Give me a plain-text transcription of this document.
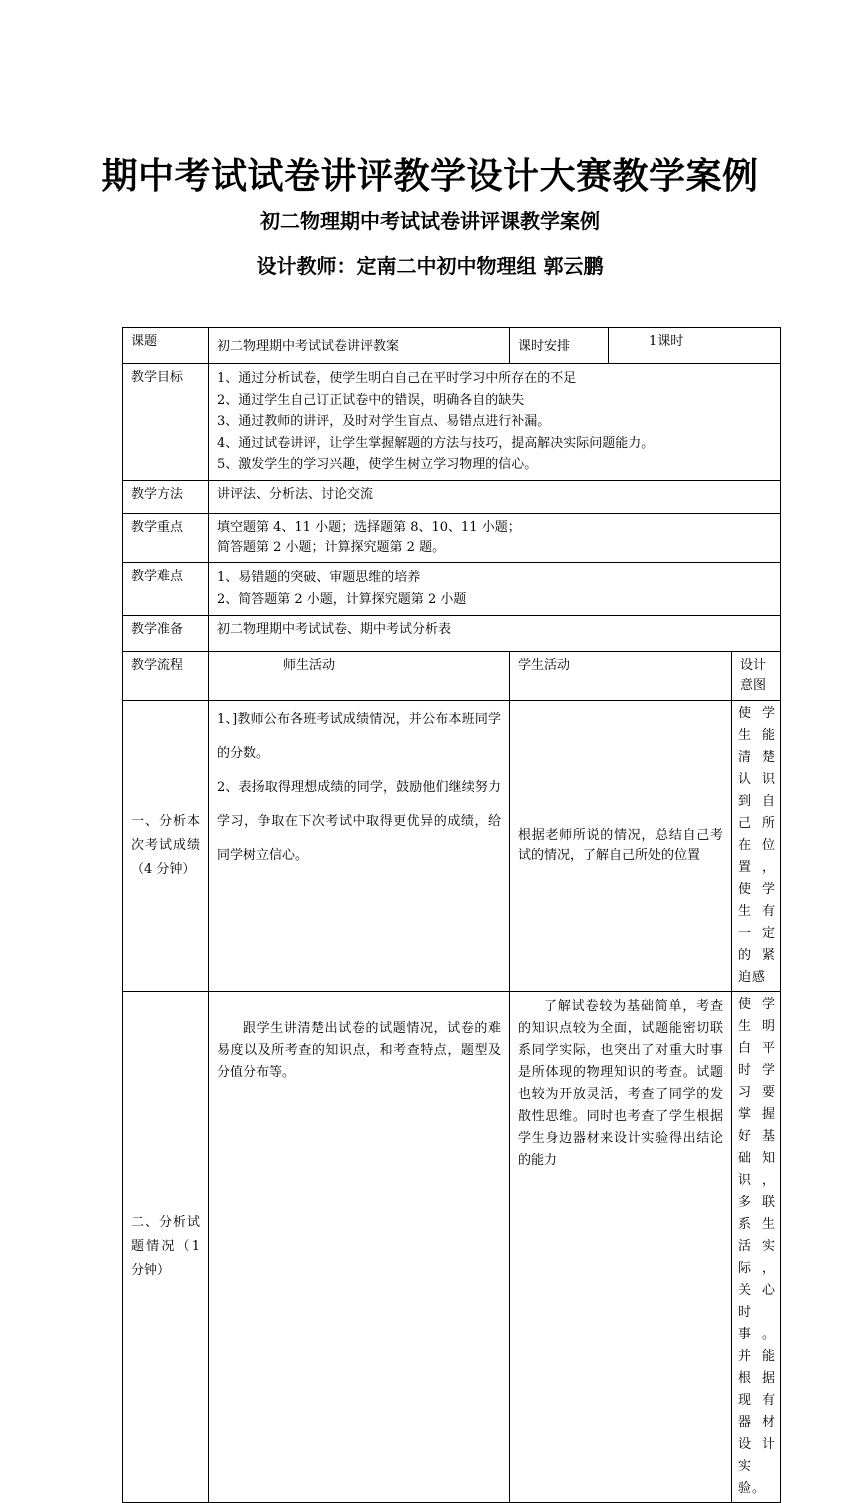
期中考试试卷讲评教学设计大赛教学案例
初二物理期中考试试卷讲评课教学案例
设计教师：定南二中初中物理组 郭云鹏
课题	初二物理期中考试试卷讲评教案	课时安排	1课时	
教学目标	1、通过分析试卷，使学生明白自己在平时学习中所存在的不足
2、通过学生自己订正试卷中的错误，明确各自的缺失
3、通过教师的讲评，及时对学生盲点、易错点进行补漏。
4、通过试卷讲评，让学生掌握解题的方法与技巧，提高解决实际问题能力。
5、激发学生的学习兴趣，使学生树立学习物理的信心。			

教学方法	讲评法、分析法、讨论交流			
教学重点	填空题第 4、11 小题；选择题第 8、10、11 小题；
简答题第 2 小题；计算探究题第 2 题。			

教学难点	1、易错题的突破、审题思维的培养
2、简答题第 2 小题，计算探究题第 2 小题			

教学准备	初二物理期中考试试卷、期中考试分析表			
教学流程	师生活动	学生活动		设计意图
一、分析本次考试成绩（4 分钟）	1、]教师公布各班考试成绩情况，并公布本班同学的分数。
2、表扬取得理想成绩的同学，鼓励他们继续努力学习，争取在下次考试中取得更优异的成绩，给同学树立信心。	根据老师所说的情况，总结自己考试的情况，了解自己所处的位置		使学生能清楚认识到自己所在位置，使学生有一定的紧迫感
二、分析试题情况（1分钟）	跟学生讲清楚出试卷的试题情况，试卷的难易度以及所考查的知识点，和考查特点，题型及分值分布等。	了解试卷较为基础简单，考查的知识点较为全面，试题能密切联系同学实际，也突出了对重大时事是所体现的物理知识的考查。试题也较为开放灵活，考查了同学的发散性思维。同时也考查了学生根据学生身边器材来设计实验得出结论的能力		使学生明白平时学习要掌握好基础知识，多联系生活实际，关心时事。并能根据现有器材设计实验。
